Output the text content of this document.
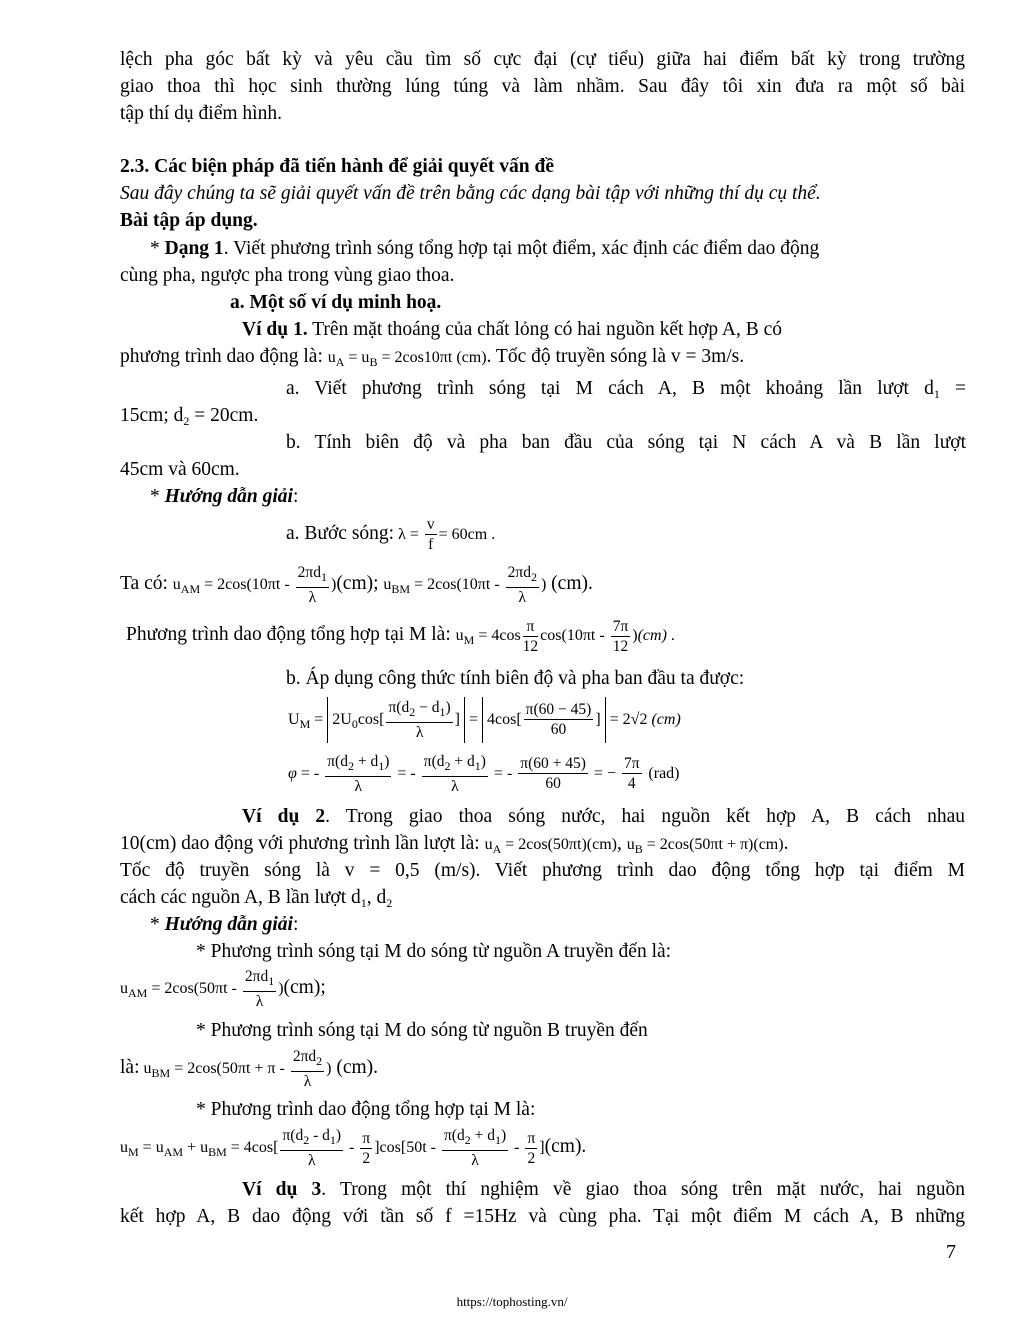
lệch pha góc bất kỳ và yêu cầu tìm số cực đại (cự tiểu) giữa hai điểm bất kỳ trong trường
giao thoa thì học sinh thường lúng túng và làm nhầm. Sau đây tôi xin đưa ra một số bài
tập thí dụ điểm hình.
2.3. Các biện pháp đã tiến hành để giải quyết vấn đề
Sau đây chúng ta sẽ giải quyết vấn đề trên bằng các dạng bài tập với những thí dụ cụ thể.
Bài tập áp dụng.
* Dạng 1. Viết phương trình sóng tổng hợp tại một điểm, xác định các điểm dao động
cùng pha, ngược pha trong vùng giao thoa.
a. Một số ví dụ minh hoạ.
Ví dụ 1. Trên mặt thoáng của chất lỏng có hai nguồn kết hợp A, B có
phương trình dao động là: $u_A = u_B = 2\cos 10\pi t$ (cm). Tốc độ truyền sóng là v = 3m/s.
a. Viết phương trình sóng tại M cách A, B một khoảng lần lượt $d_1$ =
15cm; $d_2 = 20cm$.
b. Tính biên độ và pha ban đầu của sóng tại N cách A và B lần lượt
45cm và 60cm.
* Hướng dẫn giải:
a. Bước sóng: $\lambda = \frac{v}{f} = 60cm$ .
Ta có: $u_{AM} = 2\cos(10\pi t - \frac{2\pi d_1}{\lambda} )(cm)$; $u_{BM} = 2\cos(10\pi t - \frac{2\pi d_2}{\lambda}$ ) (cm).
Phương trình dao động tổng hợp tại M là: $u_M = 4\cos \frac{\pi}{12} \cos(10\pi t - \frac{7\pi}{12} )(cm)$ .
b. Áp dụng công thức tính biên độ và pha ban đầu ta được:
$U_M = 2U_0\cos[ \frac{\pi(d_2 - d_1)}{\lambda}$ ] = $4\cos[ \frac{\pi(60 - 45)}{60}$ ] = 2√2 (cm)
φ = - $\frac{\pi(d_2 + d_1)}{\lambda}$ = - $\frac{\pi(d_2 + d_1)}{\lambda}$ = - $\frac{\pi(60 + 45)}{60}$ = − $\frac{7\pi}{4} (rad)$
Ví dụ 2. Trong giao thoa sóng nước, hai nguồn kết hợp A, B cách nhau
10(cm) dao động với phương trình lần lượt là: $u_A = 2\cos(50\pi t)(cm)$, $u_B = 2\cos(50\pi t + \pi)(cm)$.
Tốc độ truyền sóng là v = 0,5 (m/s). Viết phương trình dao động tổng hợp tại điểm M
cách các nguồn A, B lần lượt $d_1$, $d_2$
* Hướng dẫn giải:
* Phương trình sóng tại M do sóng từ nguồn A truyền đến là:
$u_{AM} = 2\cos(50\pi t - \frac{2\pi d_1}{\lambda} )(cm)$;
* Phương trình sóng tại M do sóng từ nguồn B truyền đến
là: $u_{BM} = 2\cos(50\pi t + \pi - \frac{2\pi d_2}{\lambda}$ ) (cm).
* Phương trình dao động tổng hợp tại M là:
$u_M = u_{AM} + u_{BM} = 4\cos[ \frac{\pi(d_2 - d_1)}{\lambda} - \frac{\pi}{2} ]\cos[50t - \frac{\pi(d_2 + d_1)}{\lambda} - \frac{\pi}{2} ](cm)$.
Ví dụ 3. Trong một thí nghiệm về giao thoa sóng trên mặt nước, hai nguồn
kết hợp A, B dao động với tần số f =15Hz và cùng pha. Tại một điểm M cách A, B những
7
https://tophosting.vn/
